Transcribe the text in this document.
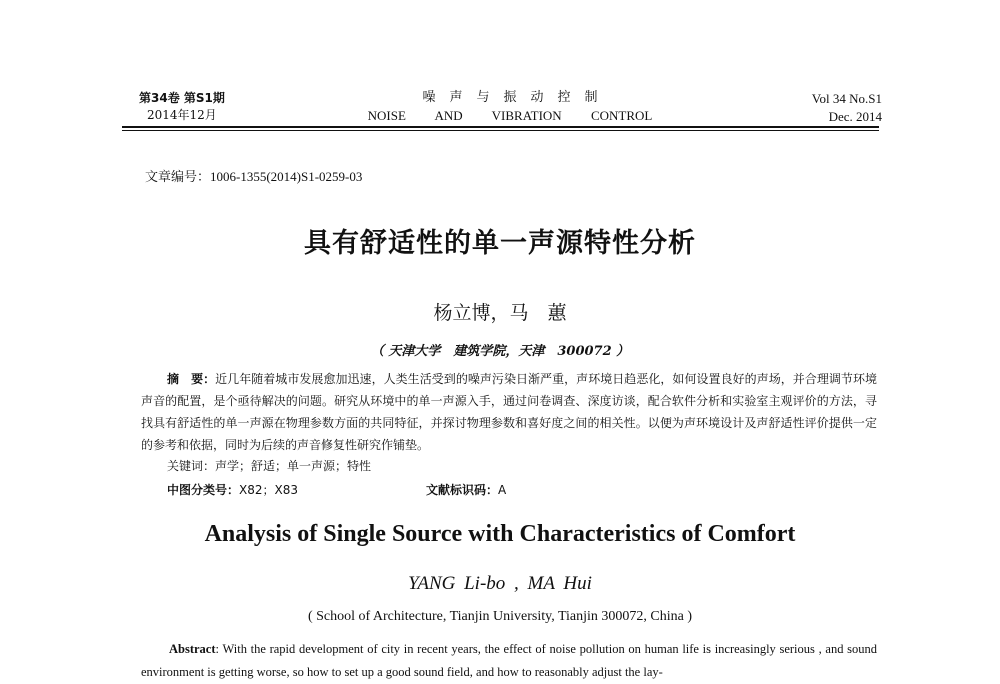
第34卷 第S1期
2014年12月
噪声与振动控制
NOISE AND VIBRATION CONTROL
Vol 34 No.S1
Dec. 2014
文章编号：1006-1355(2014)S1-0259-03
具有舒适性的单一声源特性分析
杨立博，马　蕙
（ 天津大学　建筑学院，天津　300072 ）
摘　要：近几年随着城市发展愈加迅速，人类生活受到的噪声污染日渐严重，声环境日趋恶化，如何设置良好的声场，并合理调节环境声音的配置，是个亟待解决的问题。研究从环境中的单一声源入手，通过问卷调查、深度访谈，配合软件分析和实验室主观评价的方法，寻找具有舒适性的单一声源在物理参数方面的共同特征，并探讨物理参数和喜好度之间的相关性。以便为声环境设计及声舒适性评价提供一定的参考和依据，同时为后续的声音修复性研究作铺垫。
关键词：声学；舒适；单一声源；特性
中图分类号：X82；X83	文献标识码：A
Analysis of Single Source with Characteristics of Comfort
YANG Li-bo , MA Hui
( School of Architecture, Tianjin University, Tianjin 300072, China )
Abstract: With the rapid development of city in recent years, the effect of noise pollution on human life is increasingly serious , and sound environment is getting worse, so how to set up a good sound field, and how to reasonably adjust the lay-
